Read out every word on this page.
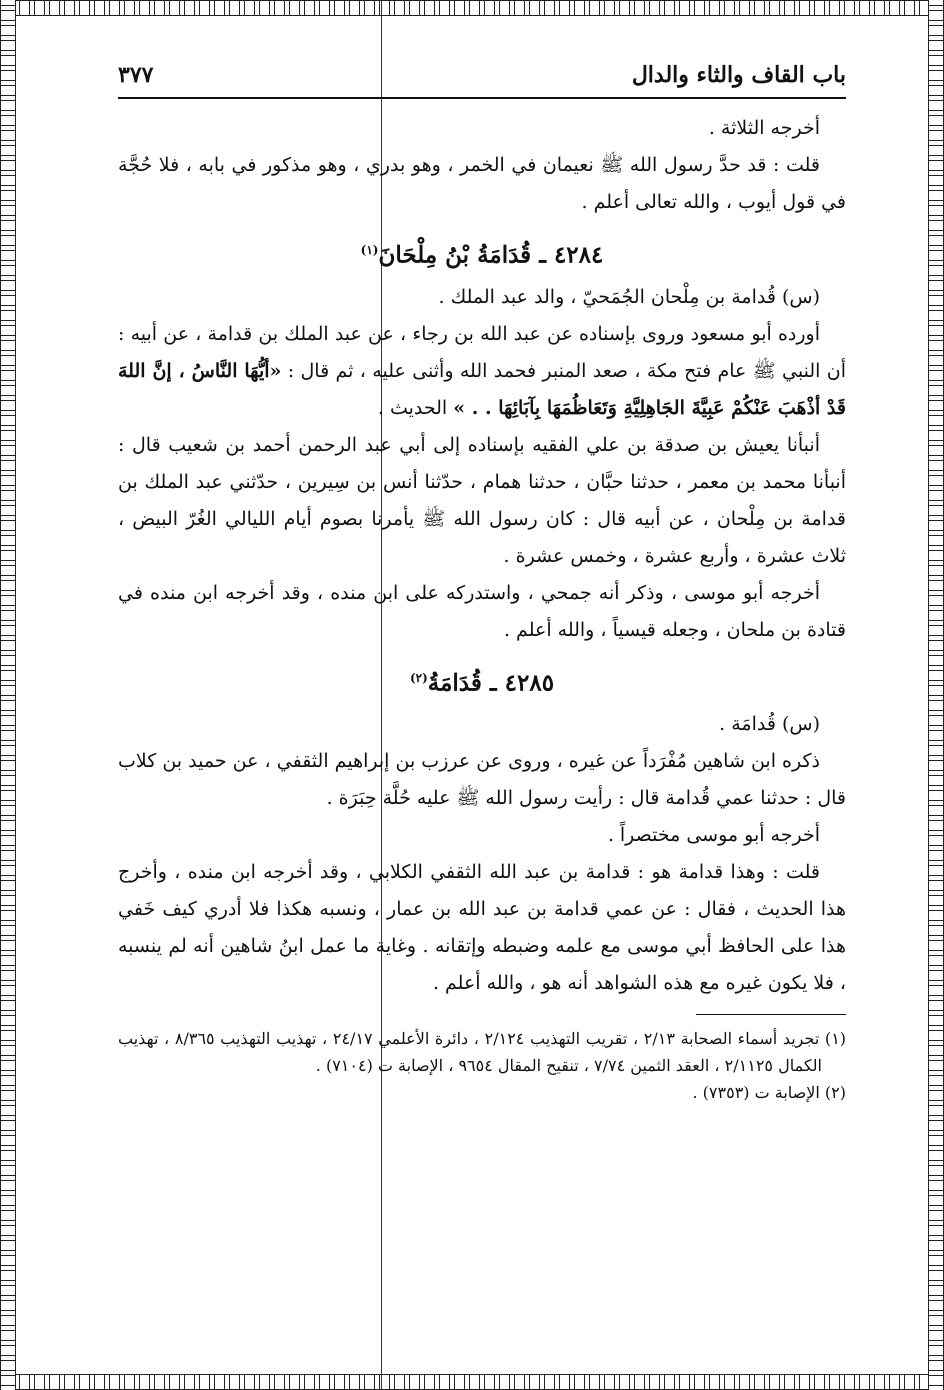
باب القاف والثاء والدال
٣٧٧

أخرجه الثلاثة .

قلت : قد حدَّ رسول الله ﷺ نعيمان في الخمر ، وهو بدري ، وهو مذكور في بابه ، فلا حُجَّة في قول أيوب ، والله تعالى أعلم .

٤٢٨٤ ـ قُدَامَةُ بْنُ مِلْحَانَ$^{(١)}$

(س) قُدامة بن مِلْحان الجُمَحيّ ، والد عبد الملك .

أورده أبو مسعود وروى بإسناده عن عبد الله بن رجاء ، عن عبد الملك بن قدامة ، عن أبيه : أن النبي ﷺ عام فتح مكة ، صعد المنبر فحمد الله وأثنى عليه ، ثم قال : «أيُّهَا النَّاسُ ، إنَّ اللهَ قَدْ أذْهَبَ عَنْكُمْ عَبِيَّةَ الجَاهِلِيَّةِ وَتَعَاظُمَهَا بِآبَائِهَا . . » الحديث .

أنبأنا يعيش بن صدقة بن علي الفقيه بإسناده إلى أبي عبد الرحمن أحمد بن شعيب قال : أنبأنا محمد بن معمر ، حدثنا حبَّان ، حدثنا همام ، حدّثنا أنس بن سِيرين ، حدّثني عبد الملك بن قدامة بن مِلْحان ، عن أبيه قال : كان رسول الله ﷺ يأمرنا بصوم أيام الليالي الغُرّ البيض ، ثلاث عشرة ، وأربع عشرة ، وخمس عشرة .

أخرجه أبو موسى ، وذكر أنه جمحي ، واستدركه على ابن منده ، وقد أخرجه ابن منده في قتادة بن ملحان ، وجعله قيسياً ، والله أعلم .

٤٢٨٥ ـ قُدَامَةُ$^{(٢)}$

(س) قُدامَة .

ذكره ابن شاهين مُفْرَداً عن غيره ، وروى عن عرزب بن إبراهيم الثقفي ، عن حميد بن كلاب قال : حدثنا عمي قُدامة قال : رأيت رسول الله ﷺ عليه حُلَّة حِبَرَة .

أخرجه أبو موسى مختصراً .

قلت : وهذا قدامة هو : قدامة بن عبد الله الثقفي الكلابي ، وقد أخرجه ابن منده ، وأخرج هذا الحديث ، فقال : عن عمي قدامة بن عبد الله بن عمار ، ونسبه هكذا فلا أدري كيف خَفي هذا على الحافظ أبي موسى مع علمه وضبطه وإتقانه . وغاية ما عمل ابنُ شاهين أنه لم ينسبه ، فلا يكون غيره مع هذه الشواهد أنه هو ، والله أعلم .

(١) تجريد أسماء الصحابة ٢/١٣ ، تقريب التهذيب ٢/١٢٤ ، دائرة الأعلمي ٢٤/١٧ ، تهذيب التهذيب ٨/٣٦٥ ، تهذيب الكمال ٢/١١٢٥ ، العقد الثمين ٧/٧٤ ، تنقيح المقال ٩٦٥٤ ، الإصابة ت (٧١٠٤) .

(٢) الإصابة ت (٧٣٥٣) .
